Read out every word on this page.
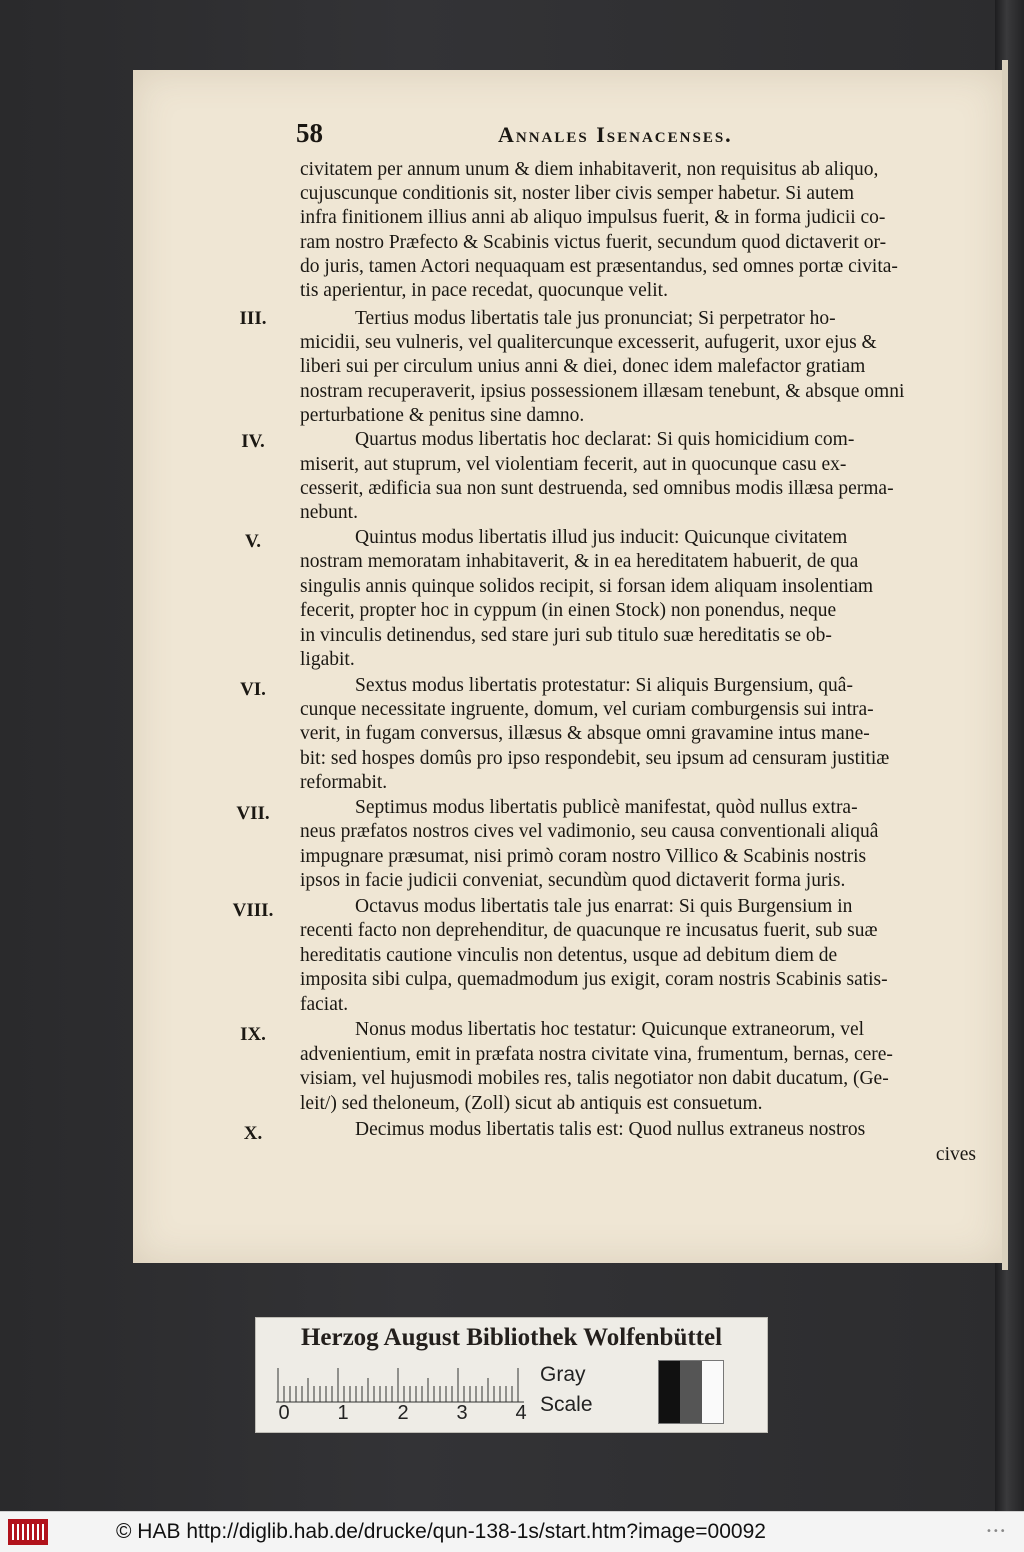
58	Annales Isenacenses.
civitatem per annum unum & diem inhabitaverit, non requisitus ab aliquo,
cujuscunque conditionis sit, noster liber civis semper habetur. Si autem
infra finitionem illius anni ab aliquo impulsus fuerit, & in forma judicii co-
ram nostro Præfecto & Scabinis victus fuerit, secundum quod dictaverit or-
do juris, tamen Actori nequaquam est præsentandus, sed omnes portæ civita-
tis aperientur, in pace recedat, quocunque velit.
III.	Tertius modus libertatis tale jus pronunciat; Si perpetrator ho-
micidii, seu vulneris, vel qualitercunque excesserit, aufugerit, uxor ejus &
liberi sui per circulum unius anni & diei, donec idem malefactor gratiam
nostram recuperaverit, ipsius possessionem illæsam tenebunt, & absque omni
perturbatione & penitus sine damno.
IV.	Quartus modus libertatis hoc declarat: Si quis homicidium com-
miserit, aut stuprum, vel violentiam fecerit, aut in quocunque casu ex-
cesserit, ædificia sua non sunt destruenda, sed omnibus modis illæsa perma-
nebunt.
V.	Quintus modus libertatis illud jus inducit: Quicunque civitatem
nostram memoratam inhabitaverit, & in ea hereditatem habuerit, de qua
singulis annis quinque solidos recipit, si forsan idem aliquam insolentiam
fecerit, propter hoc in cyppum (in einen Stock) non ponendus, neque
in vinculis detinendus, sed stare juri sub titulo suæ hereditatis se ob-
ligabit.
VI.	Sextus modus libertatis protestatur: Si aliquis Burgensium, quâ-
cunque necessitate ingruente, domum, vel curiam comburgensis sui intra-
verit, in fugam conversus, illæsus & absque omni gravamine intus mane-
bit: sed hospes domûs pro ipso respondebit, seu ipsum ad censuram justitiæ
reformabit.
VII.	Septimus modus libertatis publicè manifestat, quòd nullus extra-
neus præfatos nostros cives vel vadimonio, seu causa conventionali aliquâ
impugnare præsumat, nisi primò coram nostro Villico & Scabinis nostris
ipsos in facie judicii conveniat, secundùm quod dictaverit forma juris.
VIII.	Octavus modus libertatis tale jus enarrat: Si quis Burgensium in
recenti facto non deprehenditur, de quacunque re incusatus fuerit, sub suæ
hereditatis cautione vinculis non detentus, usque ad debitum diem de
imposita sibi culpa, quemadmodum jus exigit, coram nostris Scabinis satis-
faciat.
IX.	Nonus modus libertatis hoc testatur: Quicunque extraneorum, vel
advenientium, emit in præfata nostra civitate vina, frumentum, bernas, cere-
visiam, vel hujusmodi mobiles res, talis negotiator non dabit ducatum, (Ge-
leit/) sed theloneum, (Zoll) sicut ab antiquis est consuetum.
X.	Decimus modus libertatis talis est: Quod nullus extraneus nostros
cives
Herzog August Bibliothek Wolfenbüttel
0 1 2 3 4
Gray Scale
© HAB http://diglib.hab.de/drucke/qun-138-1s/start.htm?image=00092	•••
